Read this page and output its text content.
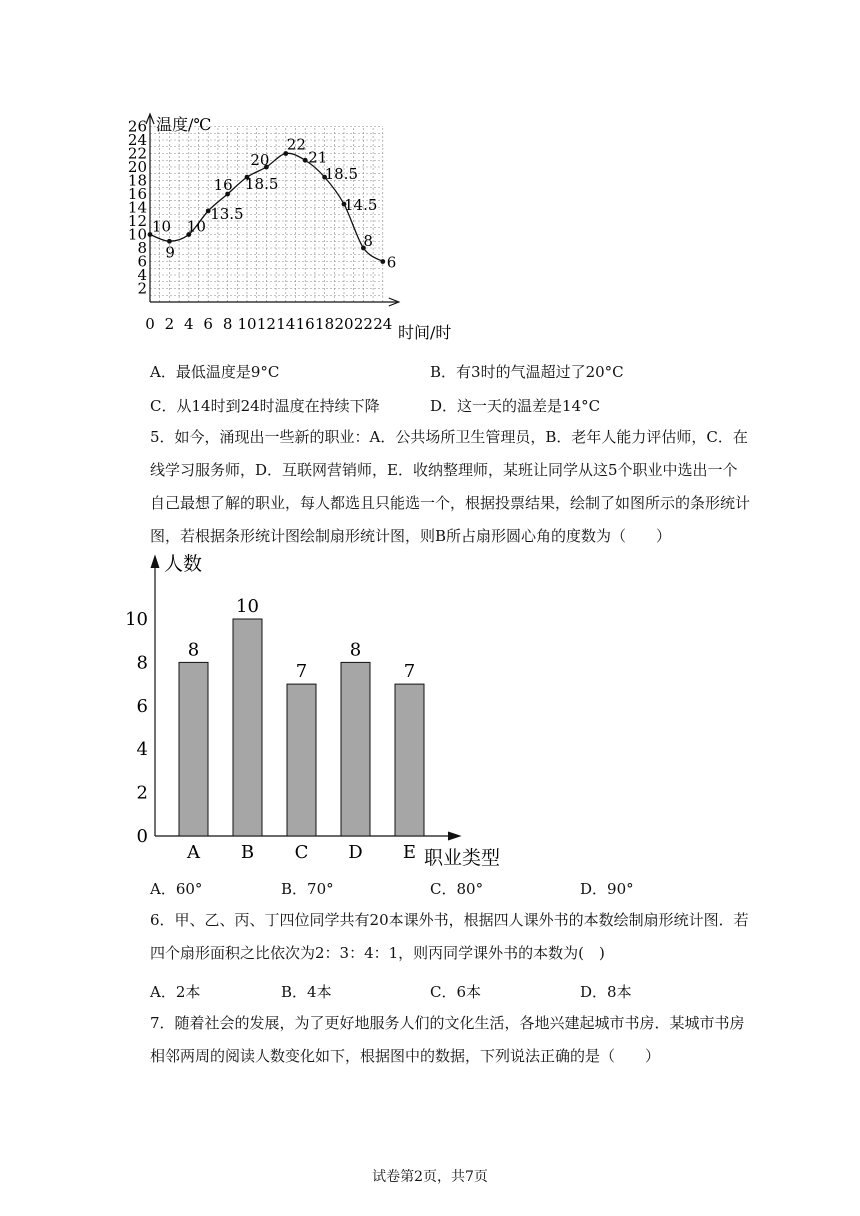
2
4
6
8
10
12
14
16
18
20
22
24
26
0 2 4 6 8 10 12 14 16 18 20 22 24
10
9
10
13.5
16 18.5
20
22
21
18.5
14.5
8
6
温度/℃
时间/时
A．最低温度是9°C	B．有3时的气温超过了20°C
C．从14时到24时温度在持续下降	D．这一天的温差是14°C
5．如今，涌现出一些新的职业：A．公共场所卫生管理员，B．老年人能力评估师，C．在
线学习服务师，D．互联网营销师，E．收纳整理师，某班让同学从这5个职业中选出一个
自己最想了解的职业，每人都选且只能选一个，根据投票结果，绘制了如图所示的条形统计
图，若根据条形统计图绘制扇形统计图，则B所占扇形圆心角的度数为（　　）
0
2
4
6
8
10
8
10
7
8
7
A B C D E
人数
职业类型
A．60°	B．70°	C．80°	D．90°
6．甲、乙、丙、丁四位同学共有20本课外书，根据四人课外书的本数绘制扇形统计图．若
四个扇形面积之比依次为2：3：4：1，则丙同学课外书的本数为(　)
A．2本	B．4本	C．6本	D．8本
7．随着社会的发展，为了更好地服务人们的文化生活，各地兴建起城市书房．某城市书房
相邻两周的阅读人数变化如下，根据图中的数据，下列说法正确的是（　　）
试卷第2页，共7页
